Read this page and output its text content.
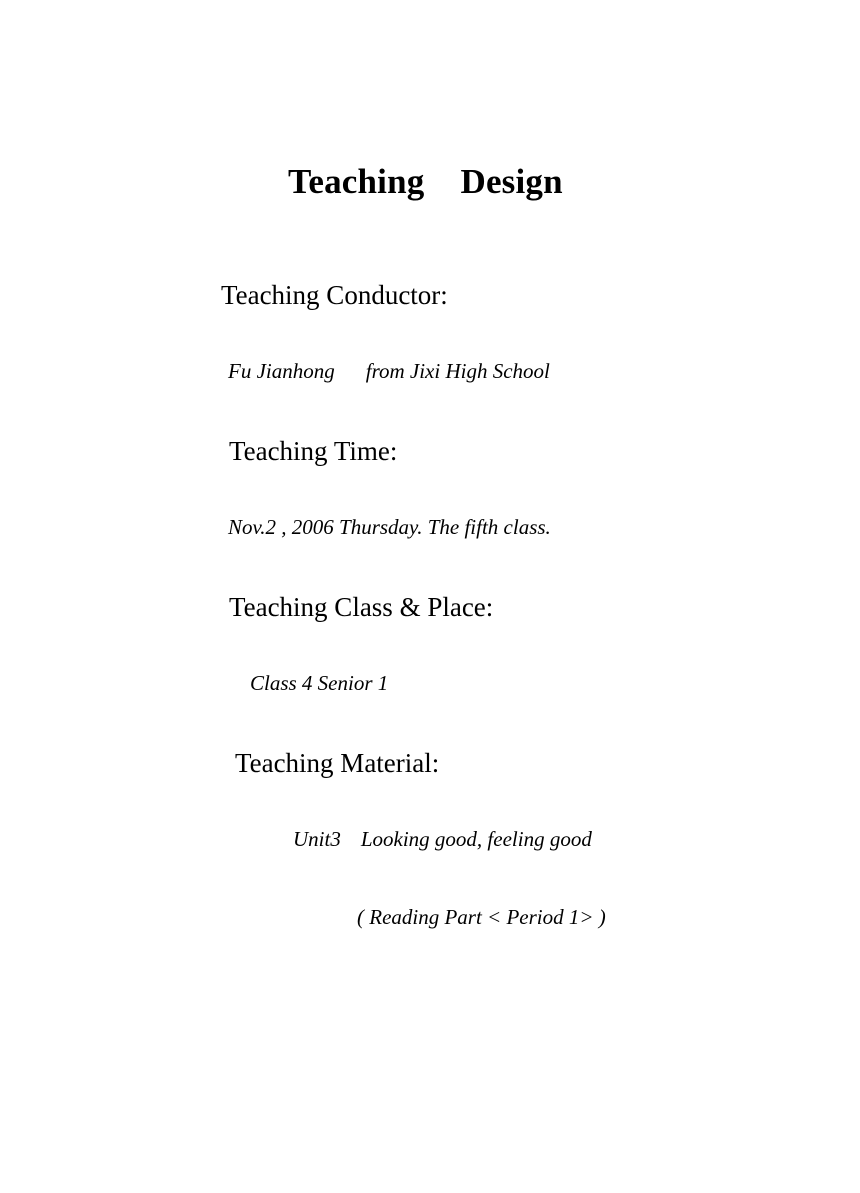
Teaching Design
Teaching Conductor:
Fu Jianhong from Jixi High School
Teaching Time:
Nov.2 , 2006 Thursday. The fifth class.
Teaching Class & Place:
Class 4 Senior 1
Teaching Material:
Unit3 Looking good, feeling good
( Reading Part < Period 1> )
